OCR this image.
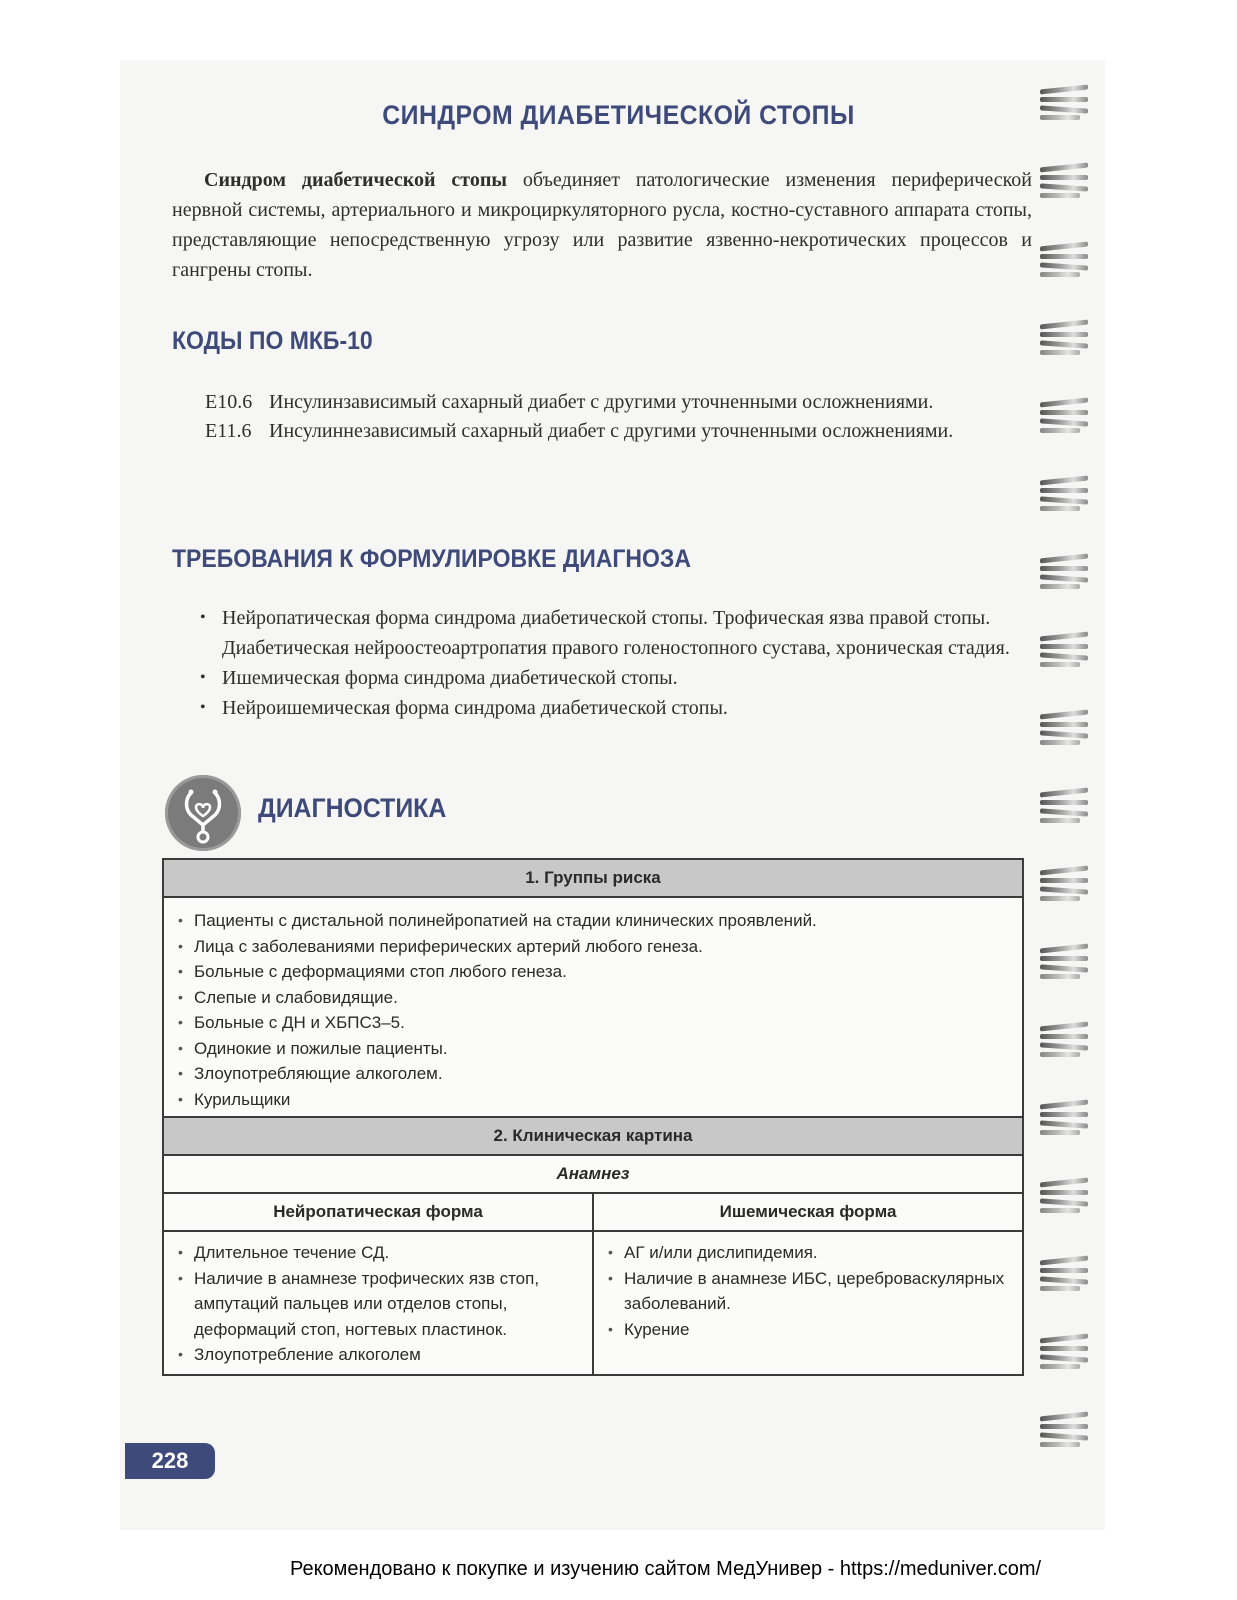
СИНДРОМ ДИАБЕТИЧЕСКОЙ СТОПЫ

Синдром диабетической стопы объединяет патологические изменения периферической нервной системы, артериального и микроциркуляторного русла, костно-суставного аппарата стопы, представляющие непосредственную угрозу или развитие язвенно-некротических процессов и гангрены стопы.

КОДЫ ПО МКБ-10
E10.6 Инсулинзависимый сахарный диабет с другими уточненными осложнениями.
E11.6 Инсулиннезависимый сахарный диабет с другими уточненными осложнениями.
ТРЕБОВАНИЯ К ФОРМУЛИРОВКЕ ДИАГНОЗА
• Нейропатическая форма синдрома диабетической стопы. Трофическая язва правой стопы. Диабетическая нейроостеоартропатия правого голеностопного сустава, хроническая стадия.
• Ишемическая форма синдрома диабетической стопы.
• Нейроишемическая форма синдрома диабетической стопы.
ДИАГНОСТИКА
1. Группы риска
• Пациенты с дистальной полинейропатией на стадии клинических проявлений.
• Лица с заболеваниями периферических артерий любого генеза.
• Больные с деформациями стоп любого генеза.
• Слепые и слабовидящие.
• Больные с ДН и ХБПС3–5.
• Одинокие и пожилые пациенты.
• Злоупотребляющие алкоголем.
• Курильщики
2. Клиническая картина
Анамнез
Нейропатическая форма
• Длительное течение СД.
• Наличие в анамнезе трофических язв стоп, ампутаций пальцев или отделов стопы, деформаций стоп, ногтевых пластинок.
• Злоупотребление алкоголем
Ишемическая форма
• АГ и/или дислипидемия.
• Наличие в анамнезе ИБС, цереброваскулярных заболеваний.
• Курение
228
Рекомендовано к покупке и изучению сайтом МедУнивер - https://meduniver.com/
